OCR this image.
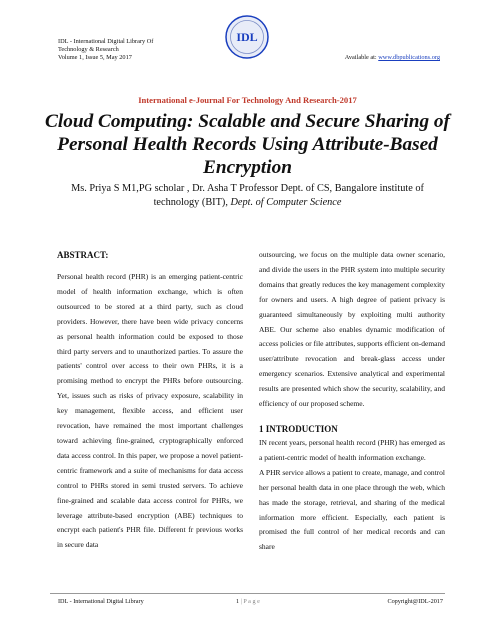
IDL - International Digital Library Of
Technology & Research
Volume 1, Issue 5, May 2017
IDL
Available at: www.dbpublications.org
International e-Journal For Technology And Research-2017
Cloud Computing: Scalable and Secure Sharing of Personal Health Records Using Attribute-Based Encryption
Ms. Priya S M1,PG scholar , Dr. Asha T Professor Dept. of CS, Bangalore institute of technology (BIT), Dept. of Computer Science

ABSTRACT:

Personal health record (PHR) is an emerging patient-centric model of health information exchange, which is often outsourced to be stored at a third party, such as cloud providers. However, there have been wide privacy concerns as personal health information could be exposed to those third party servers and to unauthorized parties. To assure the patients' control over access to their own PHRs, it is a promising method to encrypt the PHRs before outsourcing. Yet, issues such as risks of privacy exposure, scalability in key management, flexible access, and efficient user revocation, have remained the most important challenges toward achieving fine-grained, cryptographically enforced data access control. In this paper, we propose a novel patient-centric framework and a suite of mechanisms for data access control to PHRs stored in semi trusted servers. To achieve fine-grained and scalable data access control for PHRs, we leverage attribute-based encryption (ABE) techniques to encrypt each patient's PHR file. Different fr previous works in secure data

outsourcing, we focus on the multiple data owner scenario, and divide the users in the PHR system into multiple security domains that greatly reduces the key management complexity for owners and users. A high degree of patient privacy is guaranteed simultaneously by exploiting multi authority ABE. Our scheme also enables dynamic modification of access policies or file attributes, supports efficient on-demand user/attribute revocation and break-glass access under emergency scenarios. Extensive analytical and experimental results are presented which show the security, scalability, and efficiency of our proposed scheme.

1 INTRODUCTION

IN recent years, personal health record (PHR) has emerged as a patient-centric model of health information exchange.

A PHR service allows a patient to create, manage, and control her personal health data in one place through the web, which has made the storage, retrieval, and sharing of the medical information more efficient. Especially, each patient is promised the full control of her medical records and can share

IDL - International Digital Library	1 | P a g e	Copyright@IDL-2017
